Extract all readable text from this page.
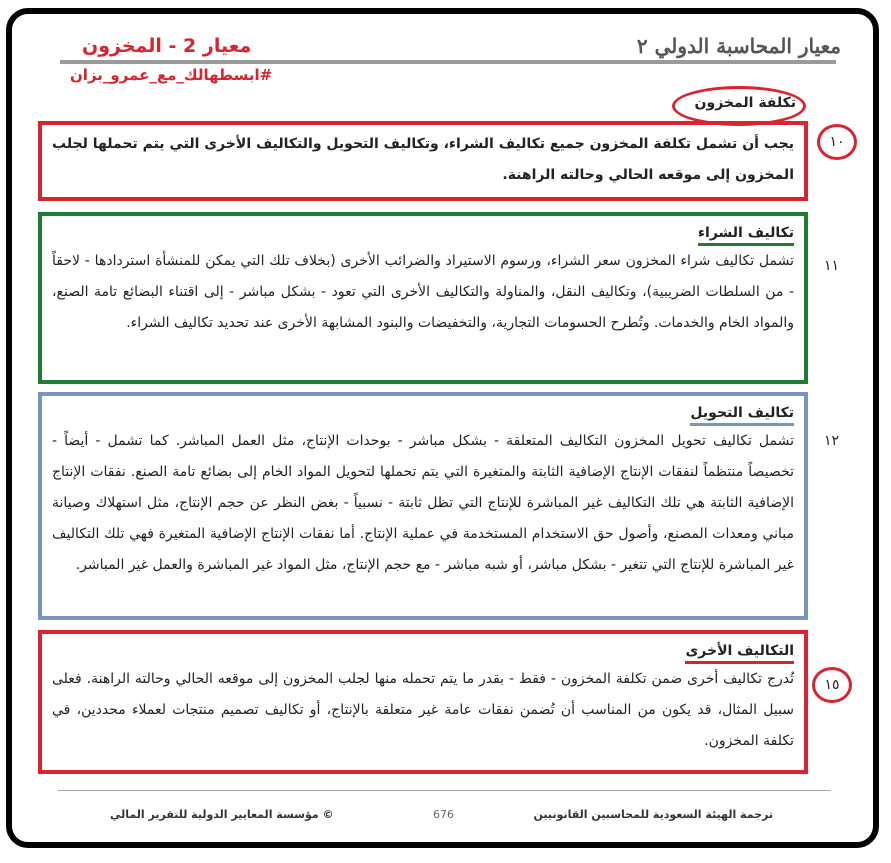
معيار المحاسبة الدولي ٢
معيار 2 - المخزون
#ابسطهالك_مع_عمرو_بزان
تكلفة المخزون
١٠
يجب أن تشمل تكلفة المخزون جميع تكاليف الشراء، وتكاليف التحويل والتكاليف الأخرى التي يتم تحملها لجلب المخزون إلى موقعه الحالي وحالته الراهنة.
١١
تكاليف الشراء
تشمل تكاليف شراء المخزون سعر الشراء، ورسوم الاستيراد والضرائب الأخرى (بخلاف تلك التي يمكن للمنشأة استردادها - لاحقاً - من السلطات الضريبية)، وتكاليف النقل، والمناولة والتكاليف الأخرى التي تعود - بشكل مباشر - إلى اقتناء البضائع تامة الصنع، والمواد الخام والخدمات. وتُطرح الحسومات التجارية، والتخفيضات والبنود المشابهة الأخرى عند تحديد تكاليف الشراء.
١٢
تكاليف التحويل
تشمل تكاليف تحويل المخزون التكاليف المتعلقة - بشكل مباشر - بوحدات الإنتاج، مثل العمل المباشر. كما تشمل - أيضاً - تخصيصاً منتظماً لنفقات الإنتاج الإضافية الثابتة والمتغيرة التي يتم تحملها لتحويل المواد الخام إلى بضائع تامة الصنع. نفقات الإنتاج الإضافية الثابتة هي تلك التكاليف غير المباشرة للإنتاج التي تظل ثابتة - نسبياً - بغض النظر عن حجم الإنتاج، مثل استهلاك وصيانة مباني ومعدات المصنع، وأصول حق الاستخدام المستخدمة في عملية الإنتاج. أما نفقات الإنتاج الإضافية المتغيرة فهي تلك التكاليف غير المباشرة للإنتاج التي تتغير - بشكل مباشر، أو شبه مباشر - مع حجم الإنتاج، مثل المواد غير المباشرة والعمل غير المباشر.
١٥
التكاليف الأخرى
تُدرج تكاليف أخرى ضمن تكلفة المخزون - فقط - بقدر ما يتم تحمله منها لجلب المخزون إلى موقعه الحالي وحالته الراهنة. فعلى سبيل المثال، قد يكون من المناسب أن تُضمن نفقات عامة غير متعلقة بالإنتاج، أو تكاليف تصميم منتجات لعملاء محددين، في تكلفة المخزون.
© مؤسسة المعايير الدولية للتقرير المالي	676	ترجمة الهيئة السعودية للمحاسبين القانونيين
